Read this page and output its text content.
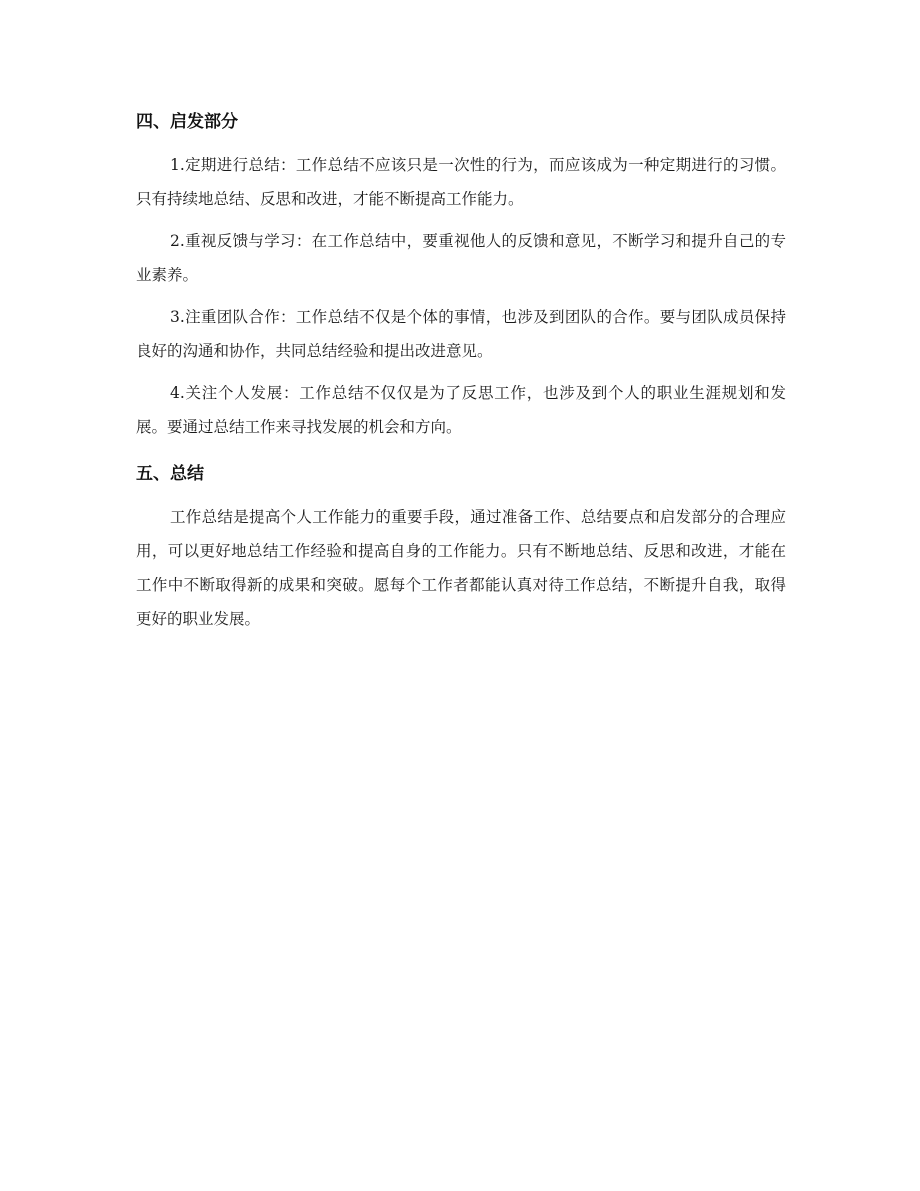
四、启发部分

1.定期进行总结：工作总结不应该只是一次性的行为，而应该成为一种定期进行的习惯。只有持续地总结、反思和改进，才能不断提高工作能力。

2.重视反馈与学习：在工作总结中，要重视他人的反馈和意见，不断学习和提升自己的专业素养。

3.注重团队合作：工作总结不仅是个体的事情，也涉及到团队的合作。要与团队成员保持良好的沟通和协作，共同总结经验和提出改进意见。

4.关注个人发展：工作总结不仅仅是为了反思工作，也涉及到个人的职业生涯规划和发展。要通过总结工作来寻找发展的机会和方向。

五、总结

工作总结是提高个人工作能力的重要手段，通过准备工作、总结要点和启发部分的合理应用，可以更好地总结工作经验和提高自身的工作能力。只有不断地总结、反思和改进，才能在工作中不断取得新的成果和突破。愿每个工作者都能认真对待工作总结，不断提升自我，取得更好的职业发展。
